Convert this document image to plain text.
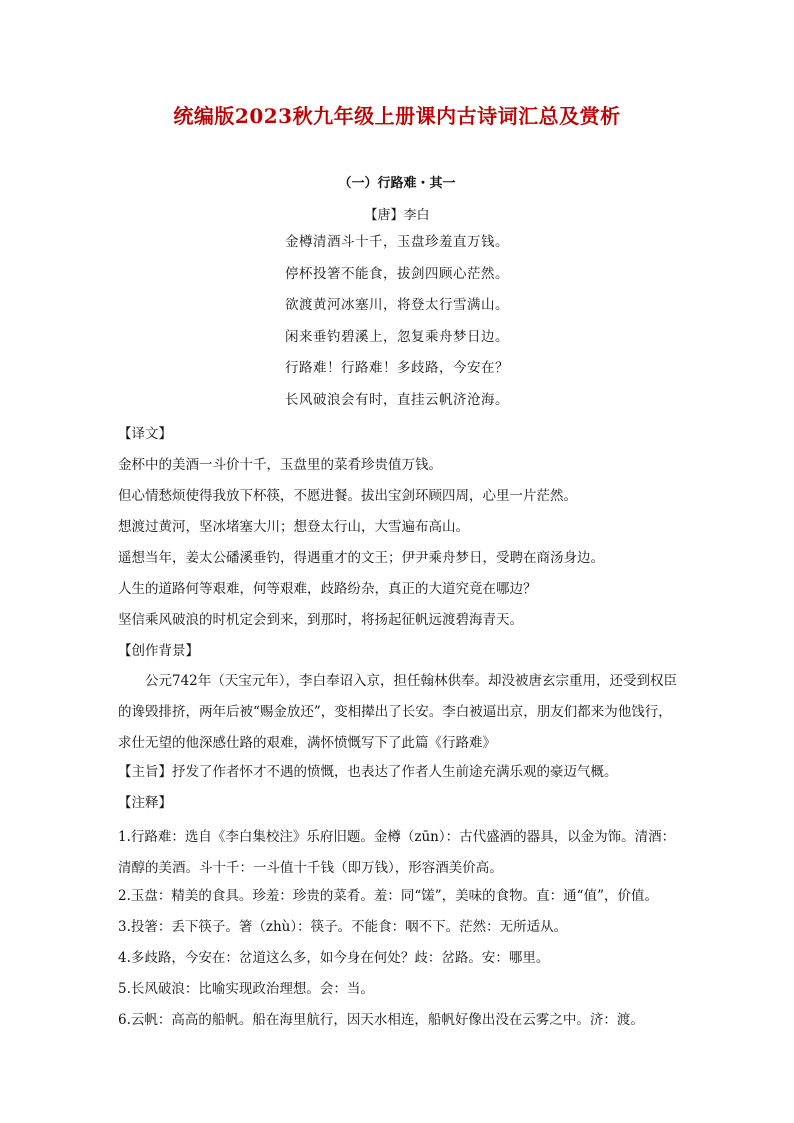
统编版2023秋九年级上册课内古诗词汇总及赏析
（一）行路难・其一
【唐】李白
金樽清酒斗十千，玉盘珍羞直万钱。
停杯投箸不能食，拔剑四顾心茫然。
欲渡黄河冰塞川，将登太行雪满山。
闲来垂钓碧溪上，忽复乘舟梦日边。
行路难！行路难！多歧路，今安在？
长风破浪会有时，直挂云帆济沧海。
【译文】
金杯中的美酒一斗价十千，玉盘里的菜肴珍贵值万钱。
但心情愁烦使得我放下杯筷，不愿进餐。拔出宝剑环顾四周，心里一片茫然。
想渡过黄河，坚冰堵塞大川；想登太行山，大雪遍布高山。
遥想当年，姜太公磻溪垂钓，得遇重才的文王；伊尹乘舟梦日，受聘在商汤身边。
人生的道路何等艰难，何等艰难，歧路纷杂，真正的大道究竟在哪边？
坚信乘风破浪的时机定会到来，到那时，将扬起征帆远渡碧海青天。
【创作背景】
公元742年（天宝元年），李白奉诏入京，担任翰林供奉。却没被唐玄宗重用，还受到权臣的谗毁排挤，两年后被“赐金放还”，变相撵出了长安。李白被逼出京，朋友们都来为他饯行，求仕无望的他深感仕路的艰难，满怀愤慨写下了此篇《行路难》
【主旨】抒发了作者怀才不遇的愤慨，也表达了作者人生前途充满乐观的豪迈气概。
【注释】
1.行路难：选自《李白集校注》乐府旧题。金樽（zūn）：古代盛酒的器具，以金为饰。清酒：清醇的美酒。斗十千：一斗值十千钱（即万钱），形容酒美价高。
2.玉盘：精美的食具。珍羞：珍贵的菜肴。羞：同“馐”，美味的食物。直：通“值”，价值。
3.投箸：丢下筷子。箸（zhù）：筷子。不能食：咽不下。茫然：无所适从。
4.多歧路，今安在：岔道这么多，如今身在何处？歧：岔路。安：哪里。
5.长风破浪：比喻实现政治理想。会：当。
6.云帆：高高的船帆。船在海里航行，因天水相连，船帆好像出没在云雾之中。济：渡。
